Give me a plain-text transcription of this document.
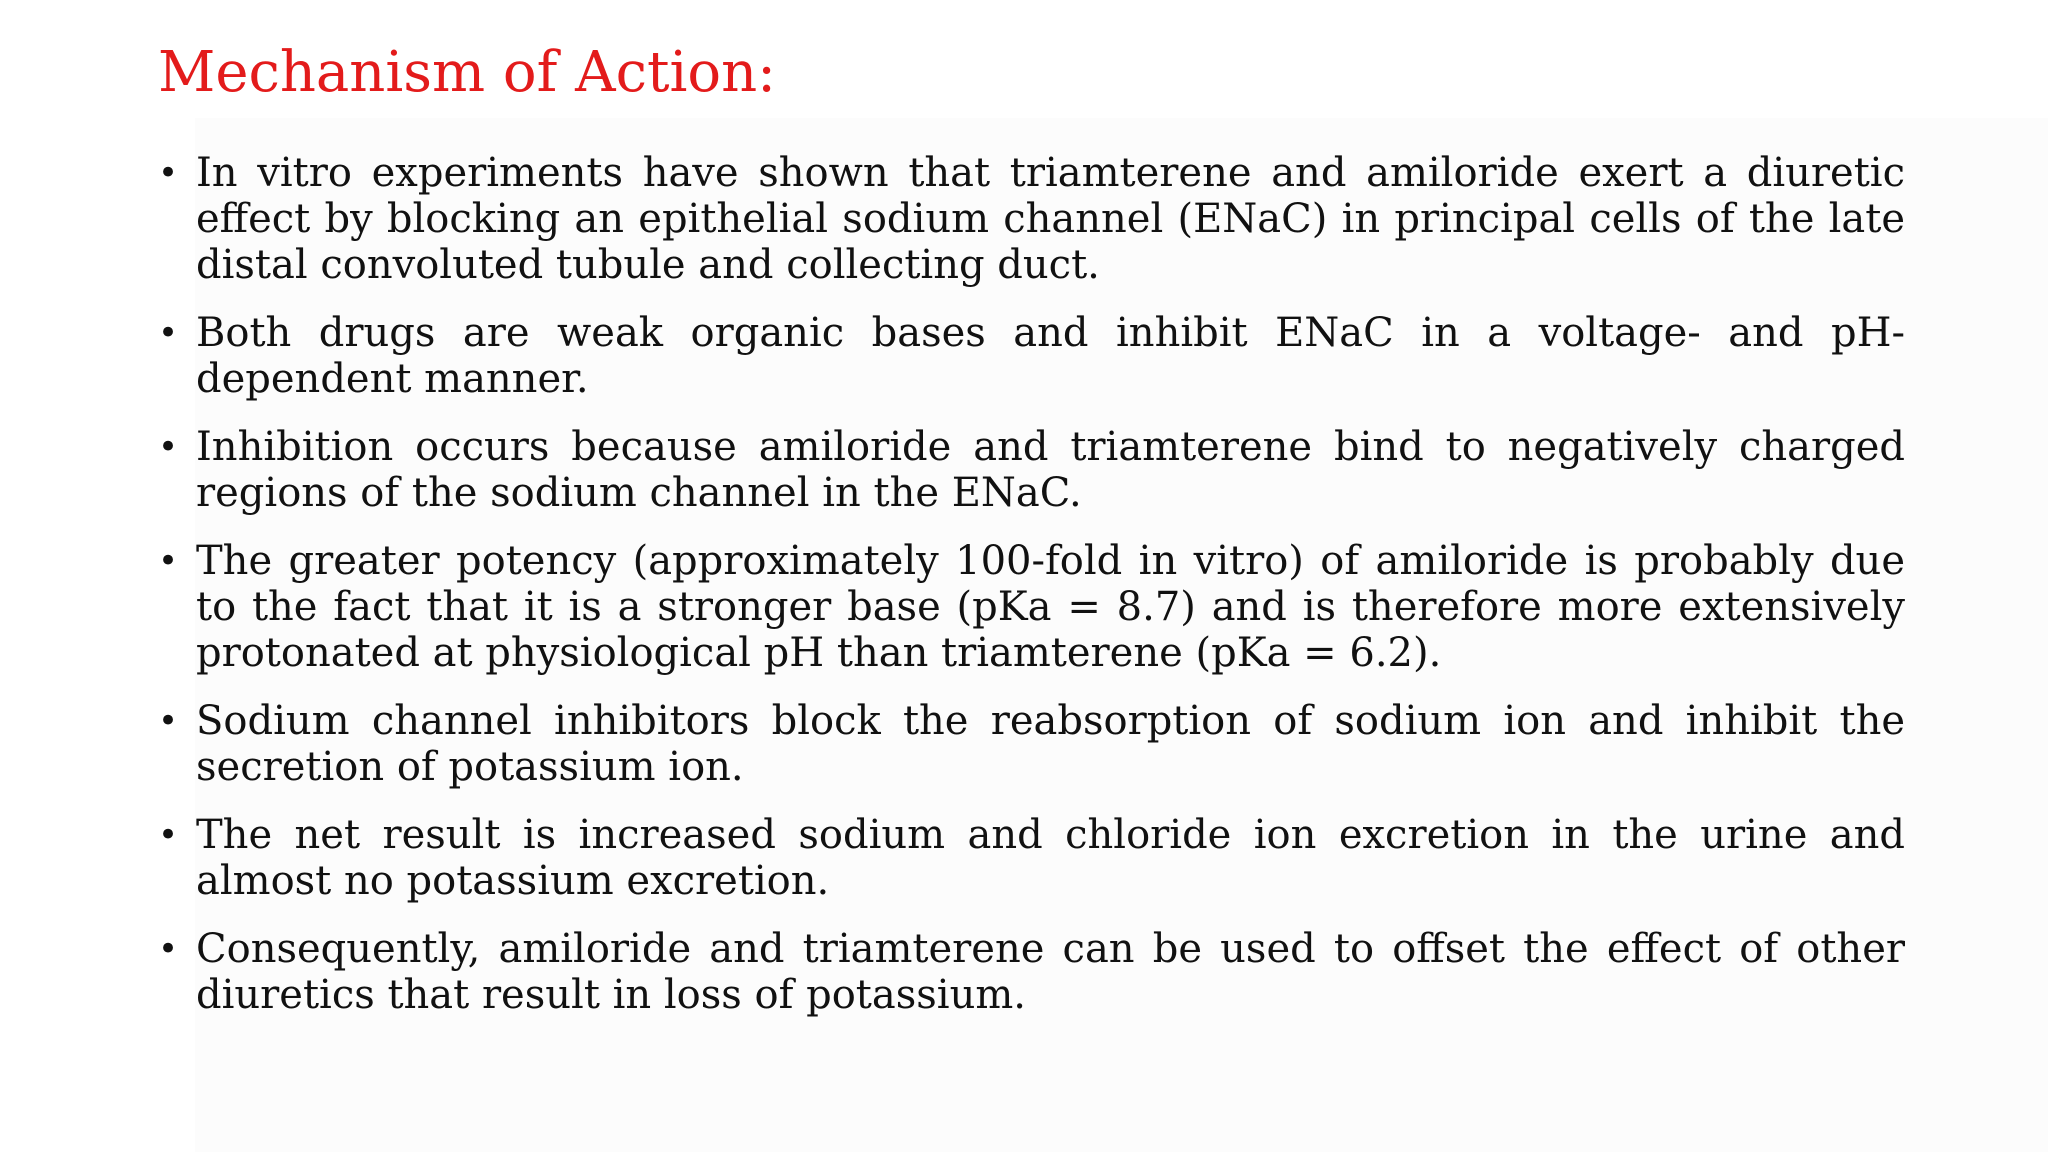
Mechanism of Action:
• In vitro experiments have shown that triamterene and amiloride exert a diuretic effect by blocking an epithelial sodium channel (ENaC) in principal cells of the late distal convoluted tubule and collecting duct.
• Both drugs are weak organic bases and inhibit ENaC in a voltage- and pH-dependent manner.
• Inhibition occurs because amiloride and triamterene bind to negatively charged regions of the sodium channel in the ENaC.
• The greater potency (approximately 100-fold in vitro) of amiloride is probably due to the fact that it is a stronger base (pKa = 8.7) and is therefore more extensively protonated at physiological pH than triamterene (pKa = 6.2).
• Sodium channel inhibitors block the reabsorption of sodium ion and inhibit the secretion of potassium ion.
• The net result is increased sodium and chloride ion excretion in the urine and almost no potassium excretion.
• Consequently, amiloride and triamterene can be used to offset the effect of other diuretics that result in loss of potassium.
